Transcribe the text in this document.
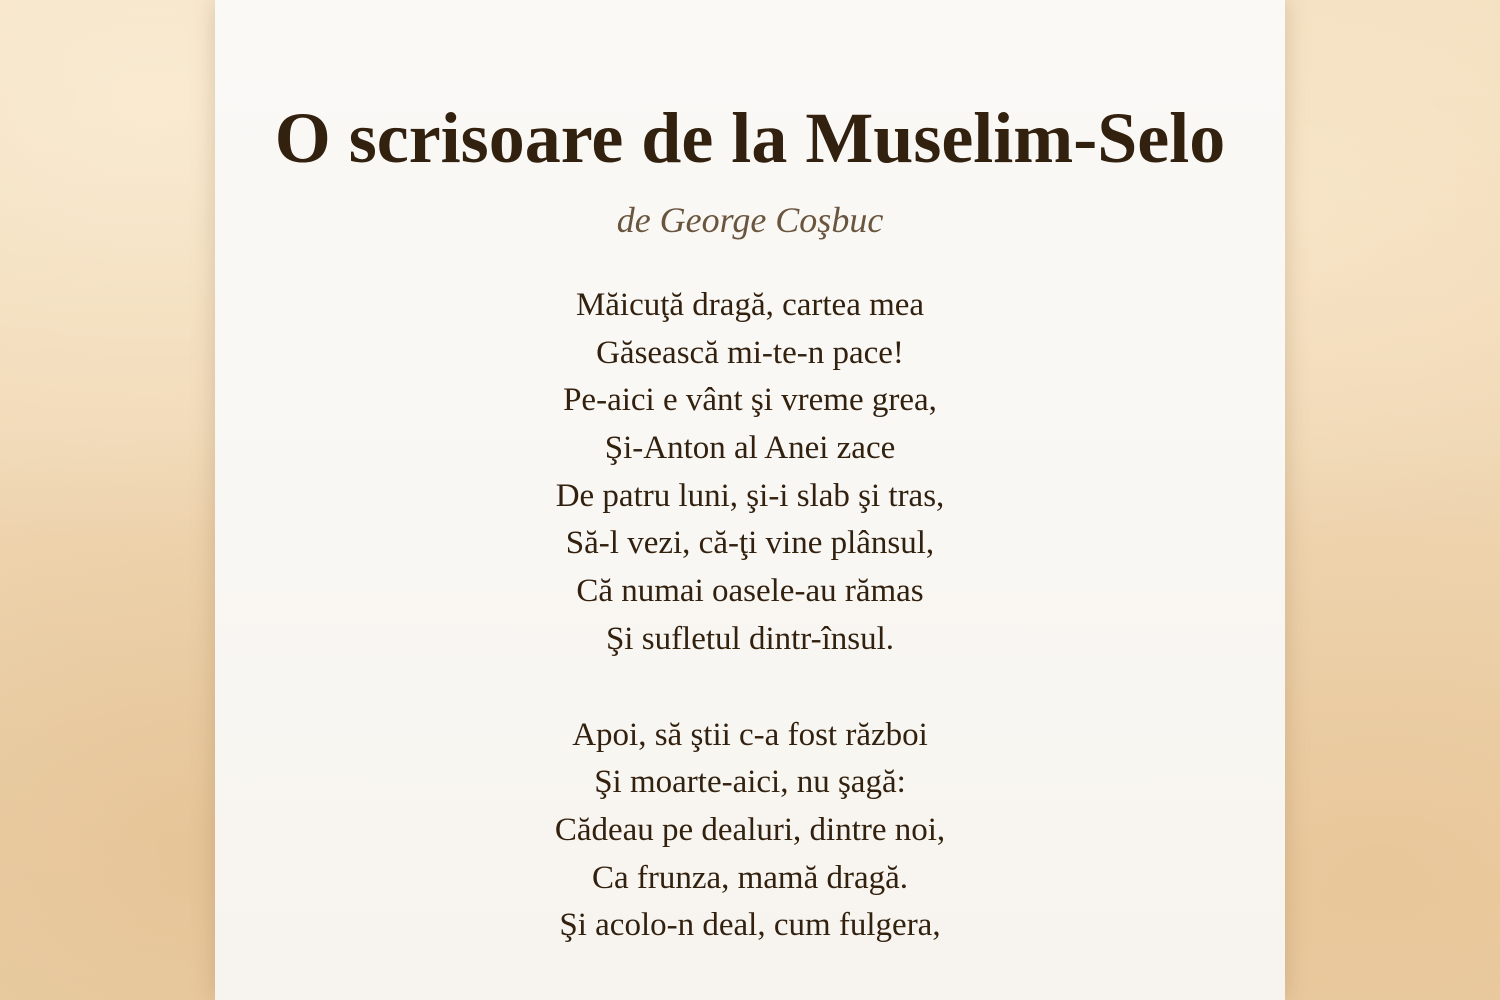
O scrisoare de la Muselim-Selo

de George Coşbuc

Măicuţă dragă, cartea mea
Găsească mi-te-n pace!
Pe-aici e vânt şi vreme grea,
Şi-Anton al Anei zace
De patru luni, şi-i slab şi tras,
Să-l vezi, că-ţi vine plânsul,
Că numai oasele-au rămas
Şi sufletul dintr-însul.
Apoi, să ştii c-a fost război
Şi moarte-aici, nu şagă:
Cădeau pe dealuri, dintre noi,
Ca frunza, mamă dragă.
Şi acolo-n deal, cum fulgera,
